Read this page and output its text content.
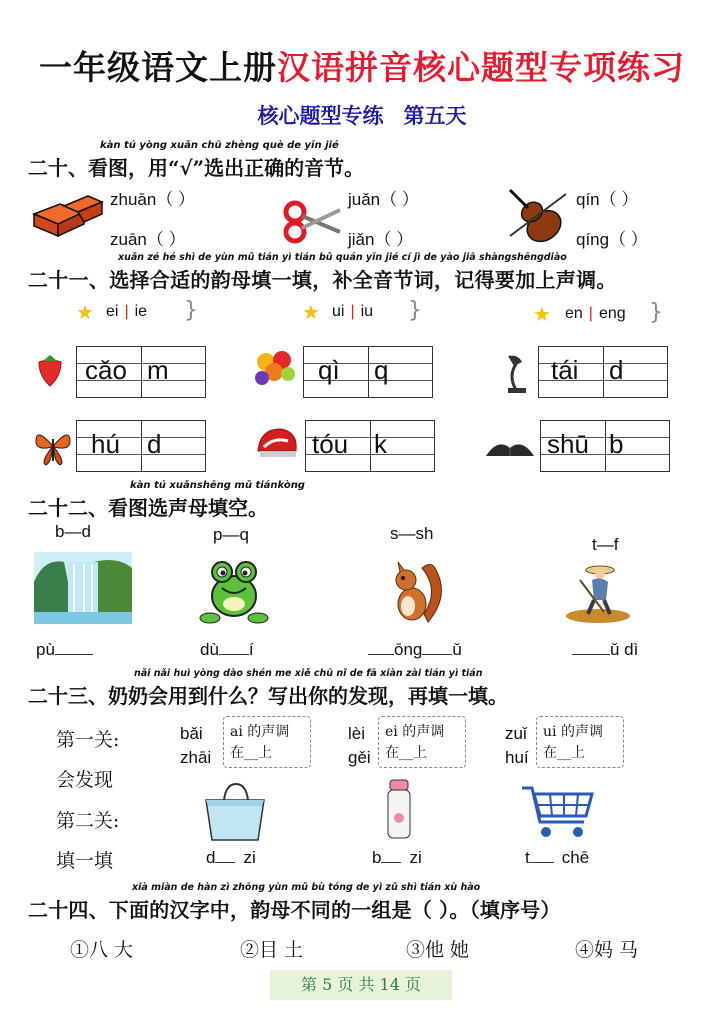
一年级语文上册汉语拼音核心题型专项练习
核心题型专练 第五天
kàn tú yòng xuǎn chū zhèng què de yīn jié
二十、看图，用“√”选出正确的音节。
zhuān（ ）
zuān（ ）
juǎn（ ）
jiǎn（ ）
qín（ ）
qíng（ ）
xuǎn zé hé shì de yùn mǔ tián yì tián bǔ quán yīn jié cí jì de yào jiā shàngshēngdiào
二十一、选择合适的韵母填一填，补全音节词，记得要加上声调。
★ ei | ie }	★ ui | iu }	★ en | eng }
cǎo m	qì q	tái d
hú d	tóu k	shū b
kàn tú xuǎnshēng mǔ tiánkòng
二十二、看图选声母填空。
b—d	p—q	s—sh
t—f
pù	dù í	ōng ǔ	ǔ dì
nǎi nǎi huì yòng dào shén me xiě chū nǐ de fā xiàn zài tián yì tián
二十三、奶奶会用到什么？写出你的发现，再填一填。
第一关:
会发现
第二关:
填一填
bǎi
zhāi
ai 的声调
在__上
lèi
gěi
ei 的声调
在__上
zuǐ
huí
ui 的声调
在__上
d zi	b zi	t chē
xià miàn de hàn zì zhōng yùn mǔ bù tóng de yì zǔ shì tián xù hào
二十四、下面的汉字中，韵母不同的一组是（ ）。（填序号）
①八 大	②目 土	③他 她	④妈 马
第 5 页 共 14 页
